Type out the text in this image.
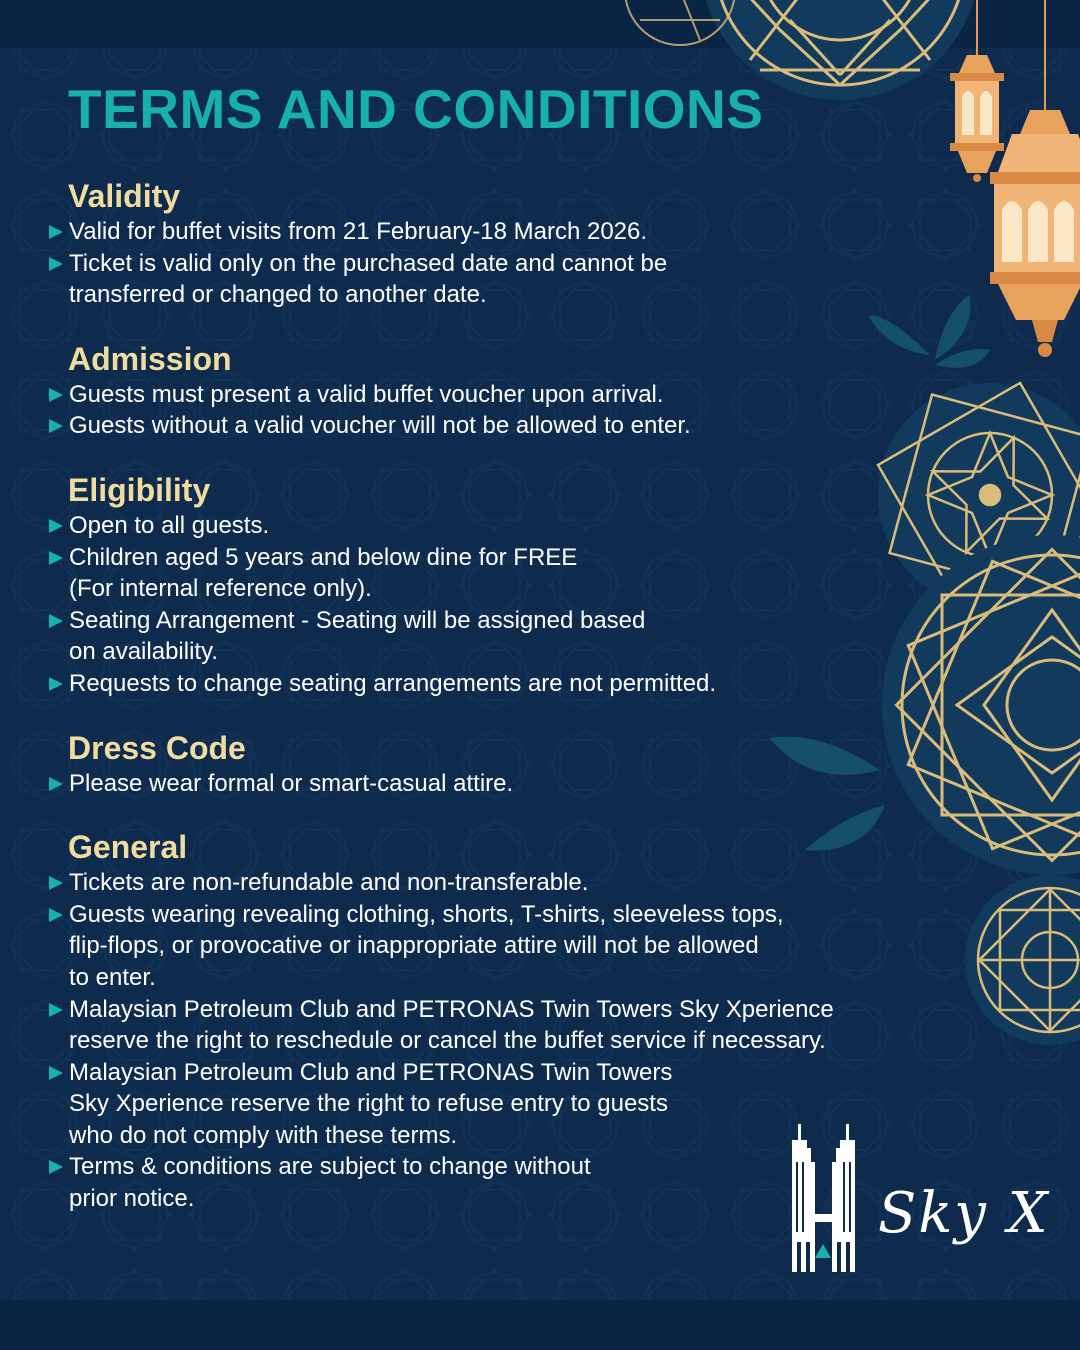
TERMS AND CONDITIONS
Validity
Valid for buffet visits from 21 February-18 March 2026.
Ticket is valid only on the purchased date and cannot be
transferred or changed to another date.
Admission
Guests must present a valid buffet voucher upon arrival.
Guests without a valid voucher will not be allowed to enter.
Eligibility
Open to all guests.
Children aged 5 years and below dine for FREE
(For internal reference only).
Seating Arrangement - Seating will be assigned based
on availability.
Requests to change seating arrangements are not permitted.
Dress Code
Please wear formal or smart-casual attire.
General
Tickets are non-refundable and non-transferable.
Guests wearing revealing clothing, shorts, T-shirts, sleeveless tops,
flip-flops, or provocative or inappropriate attire will not be allowed
to enter.
Malaysian Petroleum Club and PETRONAS Twin Towers Sky Xperience
reserve the right to reschedule or cancel the buffet service if necessary.
Malaysian Petroleum Club and PETRONAS Twin Towers
Sky Xperience reserve the right to refuse entry to guests
who do not comply with these terms.
Terms & conditions are subject to change without
prior notice.	Sky X
